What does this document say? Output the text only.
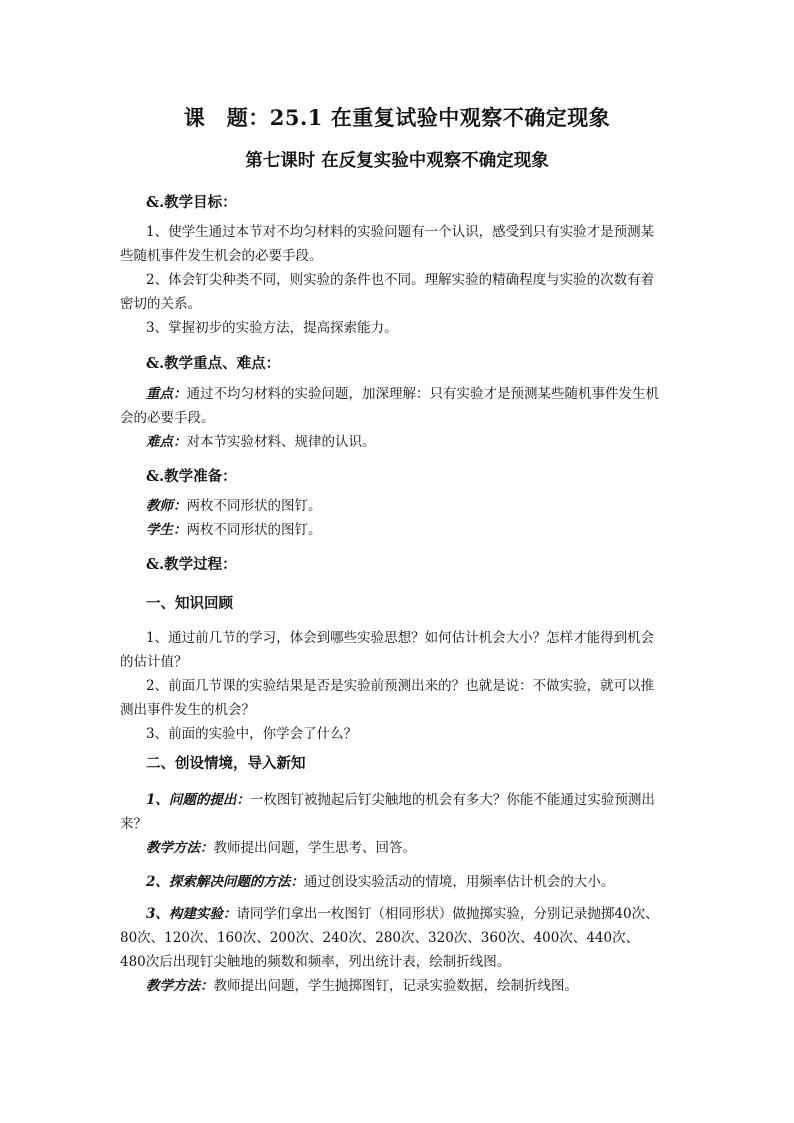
课　题：25.1 在重复试验中观察不确定现象
第七课时 在反复实验中观察不确定现象
&.教学目标：
1、使学生通过本节对不均匀材料的实验问题有一个认识，感受到只有实验才是预测某
些随机事件发生机会的必要手段。
2、体会钉尖种类不同，则实验的条件也不同。理解实验的精确程度与实验的次数有着
密切的关系。
3、掌握初步的实验方法，提高探索能力。
&.教学重点、难点：
重点：通过不均匀材料的实验问题，加深理解：只有实验才是预测某些随机事件发生机
会的必要手段。
难点：对本节实验材料、规律的认识。
&.教学准备：
教师：两枚不同形状的图钉。
学生：两枚不同形状的图钉。
&.教学过程：
一、知识回顾
1、通过前几节的学习，体会到哪些实验思想？如何估计机会大小？怎样才能得到机会
的估计值？
2、前面几节课的实验结果是否是实验前预测出来的？也就是说：不做实验，就可以推
测出事件发生的机会？
3、前面的实验中，你学会了什么？
二、创设情境，导入新知
1、问题的提出：一枚图钉被抛起后钉尖触地的机会有多大？你能不能通过实验预测出
来？
教学方法：教师提出问题，学生思考、回答。
2、探索解决问题的方法：通过创设实验活动的情境，用频率估计机会的大小。
3、构建实验：请同学们拿出一枚图钉（相同形状）做抛掷实验，分别记录抛掷40次、
80次、120次、160次、200次、240次、280次、320次、360次、400次、440次、
480次后出现钉尖触地的频数和频率，列出统计表，绘制折线图。
教学方法：教师提出问题，学生抛掷图钉，记录实验数据，绘制折线图。
